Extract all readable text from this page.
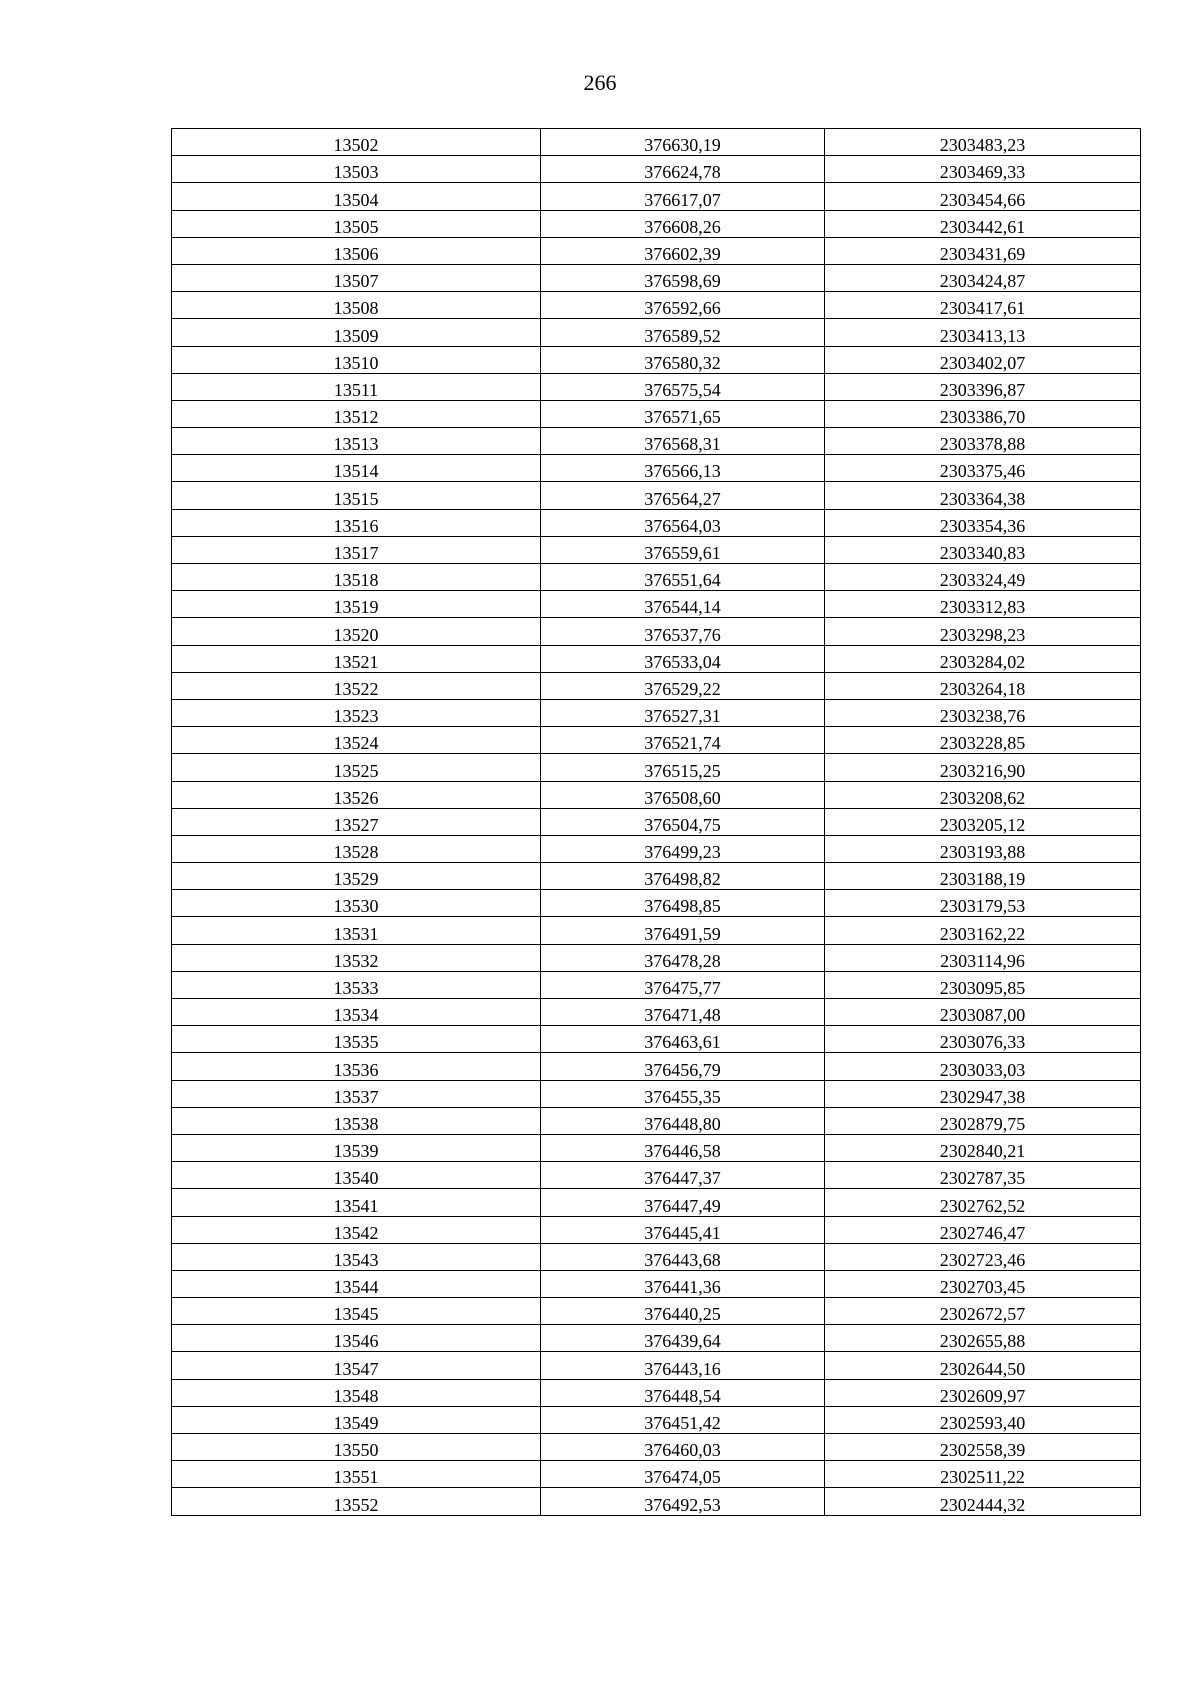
266
13502	376630,19	2303483,23
13503	376624,78	2303469,33
13504	376617,07	2303454,66
13505	376608,26	2303442,61
13506	376602,39	2303431,69
13507	376598,69	2303424,87
13508	376592,66	2303417,61
13509	376589,52	2303413,13
13510	376580,32	2303402,07
13511	376575,54	2303396,87
13512	376571,65	2303386,70
13513	376568,31	2303378,88
13514	376566,13	2303375,46
13515	376564,27	2303364,38
13516	376564,03	2303354,36
13517	376559,61	2303340,83
13518	376551,64	2303324,49
13519	376544,14	2303312,83
13520	376537,76	2303298,23
13521	376533,04	2303284,02
13522	376529,22	2303264,18
13523	376527,31	2303238,76
13524	376521,74	2303228,85
13525	376515,25	2303216,90
13526	376508,60	2303208,62
13527	376504,75	2303205,12
13528	376499,23	2303193,88
13529	376498,82	2303188,19
13530	376498,85	2303179,53
13531	376491,59	2303162,22
13532	376478,28	2303114,96
13533	376475,77	2303095,85
13534	376471,48	2303087,00
13535	376463,61	2303076,33
13536	376456,79	2303033,03
13537	376455,35	2302947,38
13538	376448,80	2302879,75
13539	376446,58	2302840,21
13540	376447,37	2302787,35
13541	376447,49	2302762,52
13542	376445,41	2302746,47
13543	376443,68	2302723,46
13544	376441,36	2302703,45
13545	376440,25	2302672,57
13546	376439,64	2302655,88
13547	376443,16	2302644,50
13548	376448,54	2302609,97
13549	376451,42	2302593,40
13550	376460,03	2302558,39
13551	376474,05	2302511,22
13552	376492,53	2302444,32
